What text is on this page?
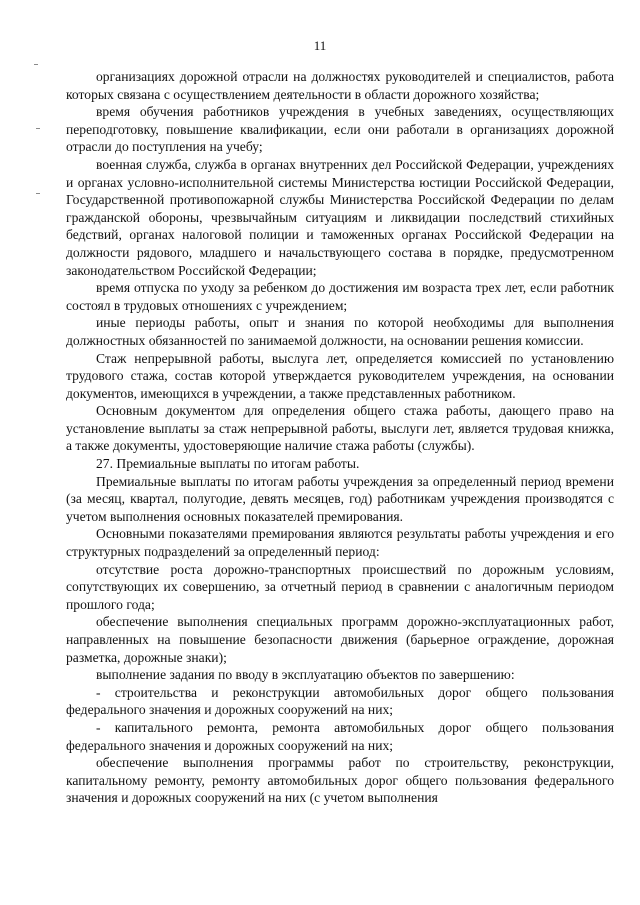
11

организациях дорожной отрасли на должностях руководителей и специалистов, работа которых связана с осуществлением деятельности в области дорожного хозяйства;

время обучения работников учреждения в учебных заведениях, осуществляющих переподготовку, повышение квалификации, если они работали в организациях дорожной отрасли до поступления на учебу;

военная служба, служба в органах внутренних дел Российской Федерации, учреждениях и органах условно-исполнительной системы Министерства юстиции Российской Федерации, Государственной противопожарной службы Министерства Российской Федерации по делам гражданской обороны, чрезвычайным ситуациям и ликвидации последствий стихийных бедствий, органах налоговой полиции и таможенных органах Российской Федерации на должности рядового, младшего и начальствующего состава в порядке, предусмотренном законодательством Российской Федерации;

время отпуска по уходу за ребенком до достижения им возраста трех лет, если работник состоял в трудовых отношениях с учреждением;

иные периоды работы, опыт и знания по которой необходимы для выполнения должностных обязанностей по занимаемой должности, на основании решения комиссии.

Стаж непрерывной работы, выслуга лет, определяется комиссией по установлению трудового стажа, состав которой утверждается руководителем учреждения, на основании документов, имеющихся в учреждении, а также представленных работником.

Основным документом для определения общего стажа работы, дающего право на установление выплаты за стаж непрерывной работы, выслуги лет, является трудовая книжка, а также документы, удостоверяющие наличие стажа работы (службы).

27. Премиальные выплаты по итогам работы.

Премиальные выплаты по итогам работы учреждения за определенный период времени (за месяц, квартал, полугодие, девять месяцев, год) работникам учреждения производятся с учетом выполнения основных показателей премирования.

Основными показателями премирования являются результаты работы учреждения и его структурных подразделений за определенный период:

отсутствие роста дорожно-транспортных происшествий по дорожным условиям, сопутствующих их совершению, за отчетный период в сравнении с аналогичным периодом прошлого года;

обеспечение выполнения специальных программ дорожно-эксплуатационных работ, направленных на повышение безопасности движения (барьерное ограждение, дорожная разметка, дорожные знаки);

выполнение задания по вводу в эксплуатацию объектов по завершению:

- строительства и реконструкции автомобильных дорог общего пользования федерального значения и дорожных сооружений на них;

- капитального ремонта, ремонта автомобильных дорог общего пользования федерального значения и дорожных сооружений на них;

обеспечение выполнения программы работ по строительству, реконструкции, капитальному ремонту, ремонту автомобильных дорог общего пользования федерального значения и дорожных сооружений на них (с учетом выполнения
